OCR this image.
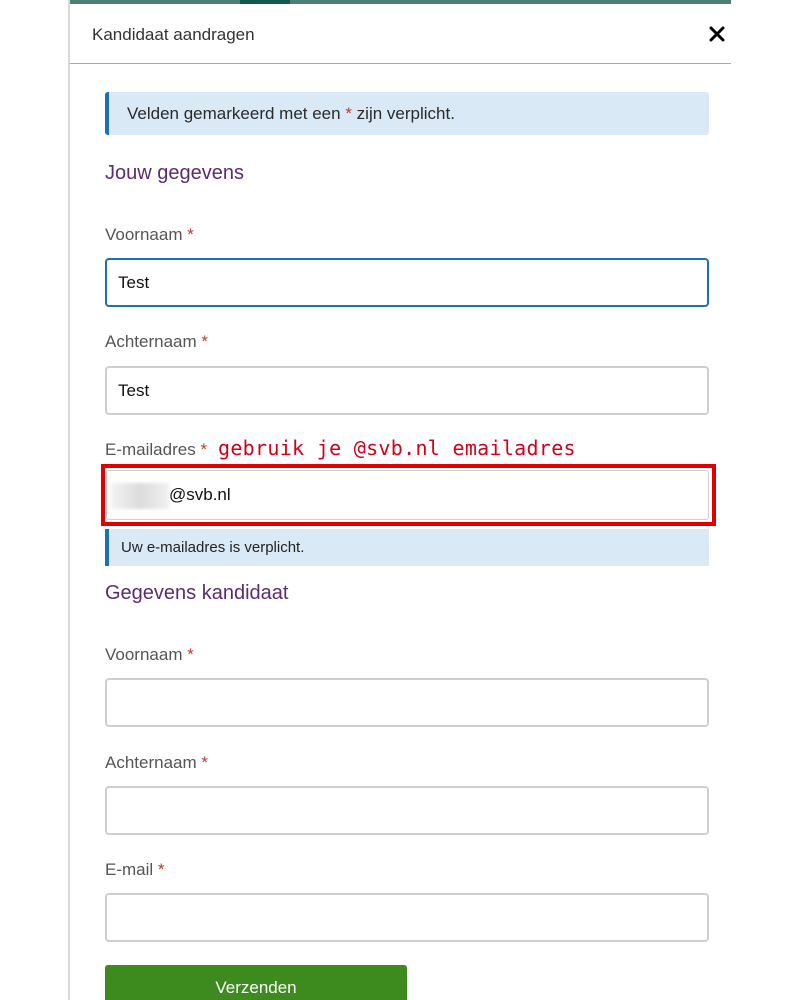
Kandidaat aandragen
Velden gemarkeerd met een * zijn verplicht.
Jouw gegevens
Voornaam *
Test
Achternaam *
Test
E-mailadres * gebruik je @svb.nl emailadres
@svb.nl
Uw e-mailadres is verplicht.
Gegevens kandidaat
Voornaam *
Achternaam *
E-mail *
Verzenden
